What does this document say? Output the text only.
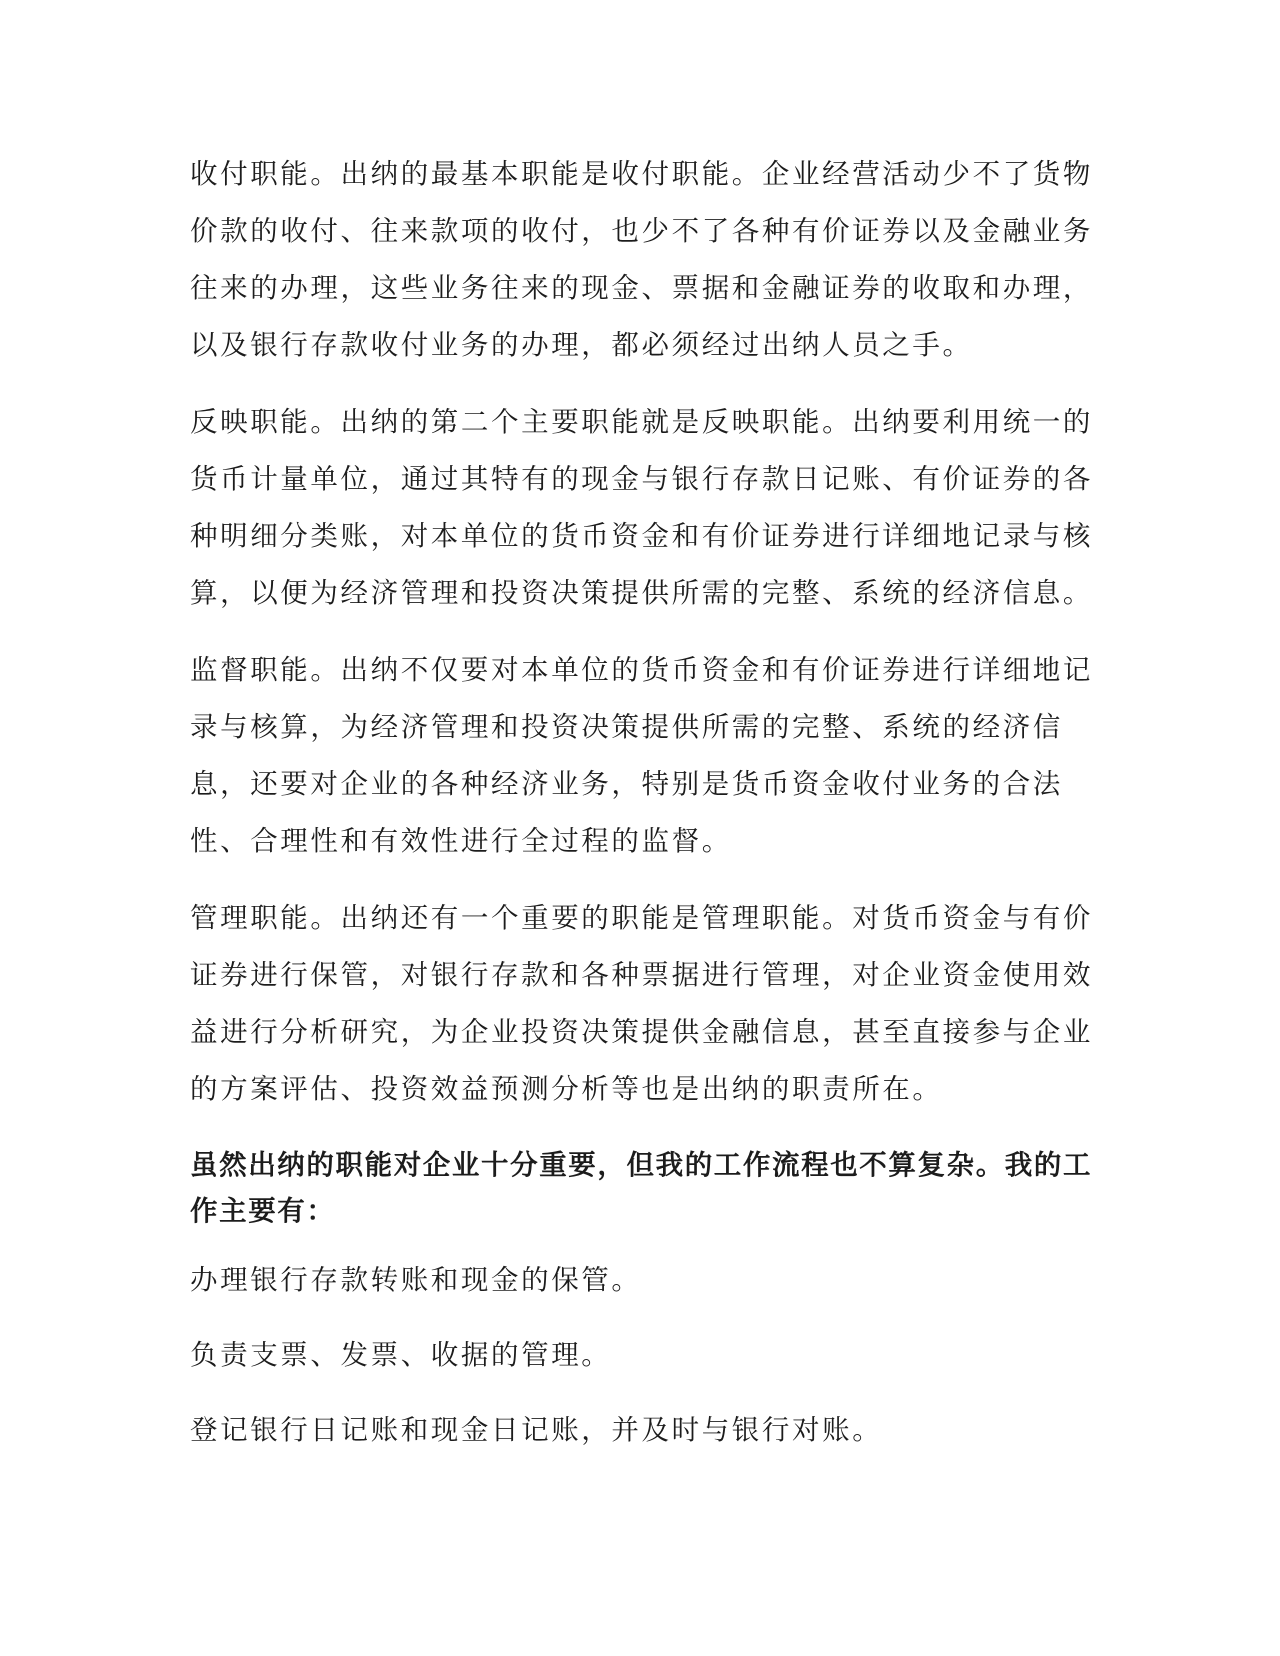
收付职能。出纳的最基本职能是收付职能。企业经营活动少不了货物价款的收付、往来款项的收付，也少不了各种有价证券以及金融业务往来的办理，这些业务往来的现金、票据和金融证券的收取和办理，以及银行存款收付业务的办理，都必须经过出纳人员之手。

反映职能。出纳的第二个主要职能就是反映职能。出纳要利用统一的货币计量单位，通过其特有的现金与银行存款日记账、有价证券的各种明细分类账，对本单位的货币资金和有价证券进行详细地记录与核算，以便为经济管理和投资决策提供所需的完整、系统的经济信息。

监督职能。出纳不仅要对本单位的货币资金和有价证券进行详细地记录与核算，为经济管理和投资决策提供所需的完整、系统的经济信息，还要对企业的各种经济业务，特别是货币资金收付业务的合法性、合理性和有效性进行全过程的监督。

管理职能。出纳还有一个重要的职能是管理职能。对货币资金与有价证券进行保管，对银行存款和各种票据进行管理，对企业资金使用效益进行分析研究，为企业投资决策提供金融信息，甚至直接参与企业的方案评估、投资效益预测分析等也是出纳的职责所在。

虽然出纳的职能对企业十分重要，但我的工作流程也不算复杂。我的工作主要有：

办理银行存款转账和现金的保管。

负责支票、发票、收据的管理。

登记银行日记账和现金日记账，并及时与银行对账。
